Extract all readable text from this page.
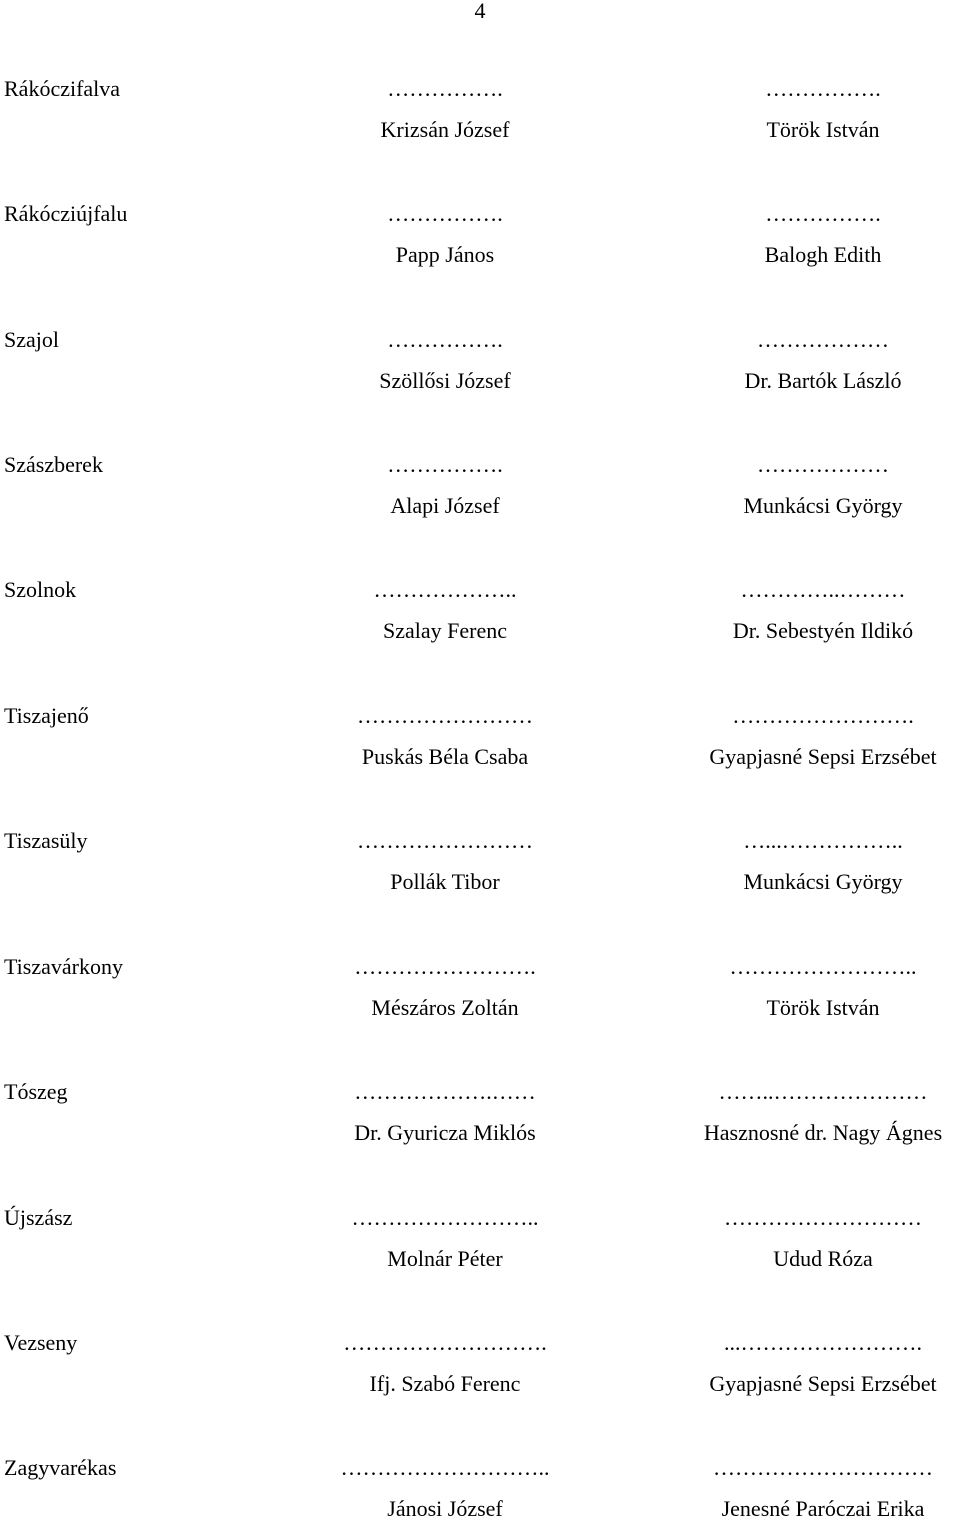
4
Rákóczifalva	…………….	…………….
Krizsán József	Török István
Rákócziújfalu	…………….	…………….
Papp János	Balogh Edith
Szajol	…………….	………………
Szöllősi József	Dr. Bartók László
Szászberek	…………….	………………
Alapi József	Munkácsi György
Szolnok	………………..	…………..………
Szalay Ferenc	Dr. Sebestyén Ildikó
Tiszajenő	……………………	…………………….
Puskás Béla Csaba	Gyapjasné Sepsi Erzsébet
Tiszasüly	……………………	…...……………..
Pollák Tibor	Munkácsi György
Tiszavárkony	…………………….	……………………..
Mészáros Zoltán	Török István
Tószeg	……………….……	……..…………………
Dr. Gyuricza Miklós	Hasznosné dr. Nagy Ágnes
Újszász	……………………..	………………………
Molnár Péter	Udud Róza
Vezseny	……………………….	...…………………….
Ifj. Szabó Ferenc	Gyapjasné Sepsi Erzsébet
Zagyvarékas	………………………..	…………………………
Jánosi József	Jenesné Paróczai Erika
